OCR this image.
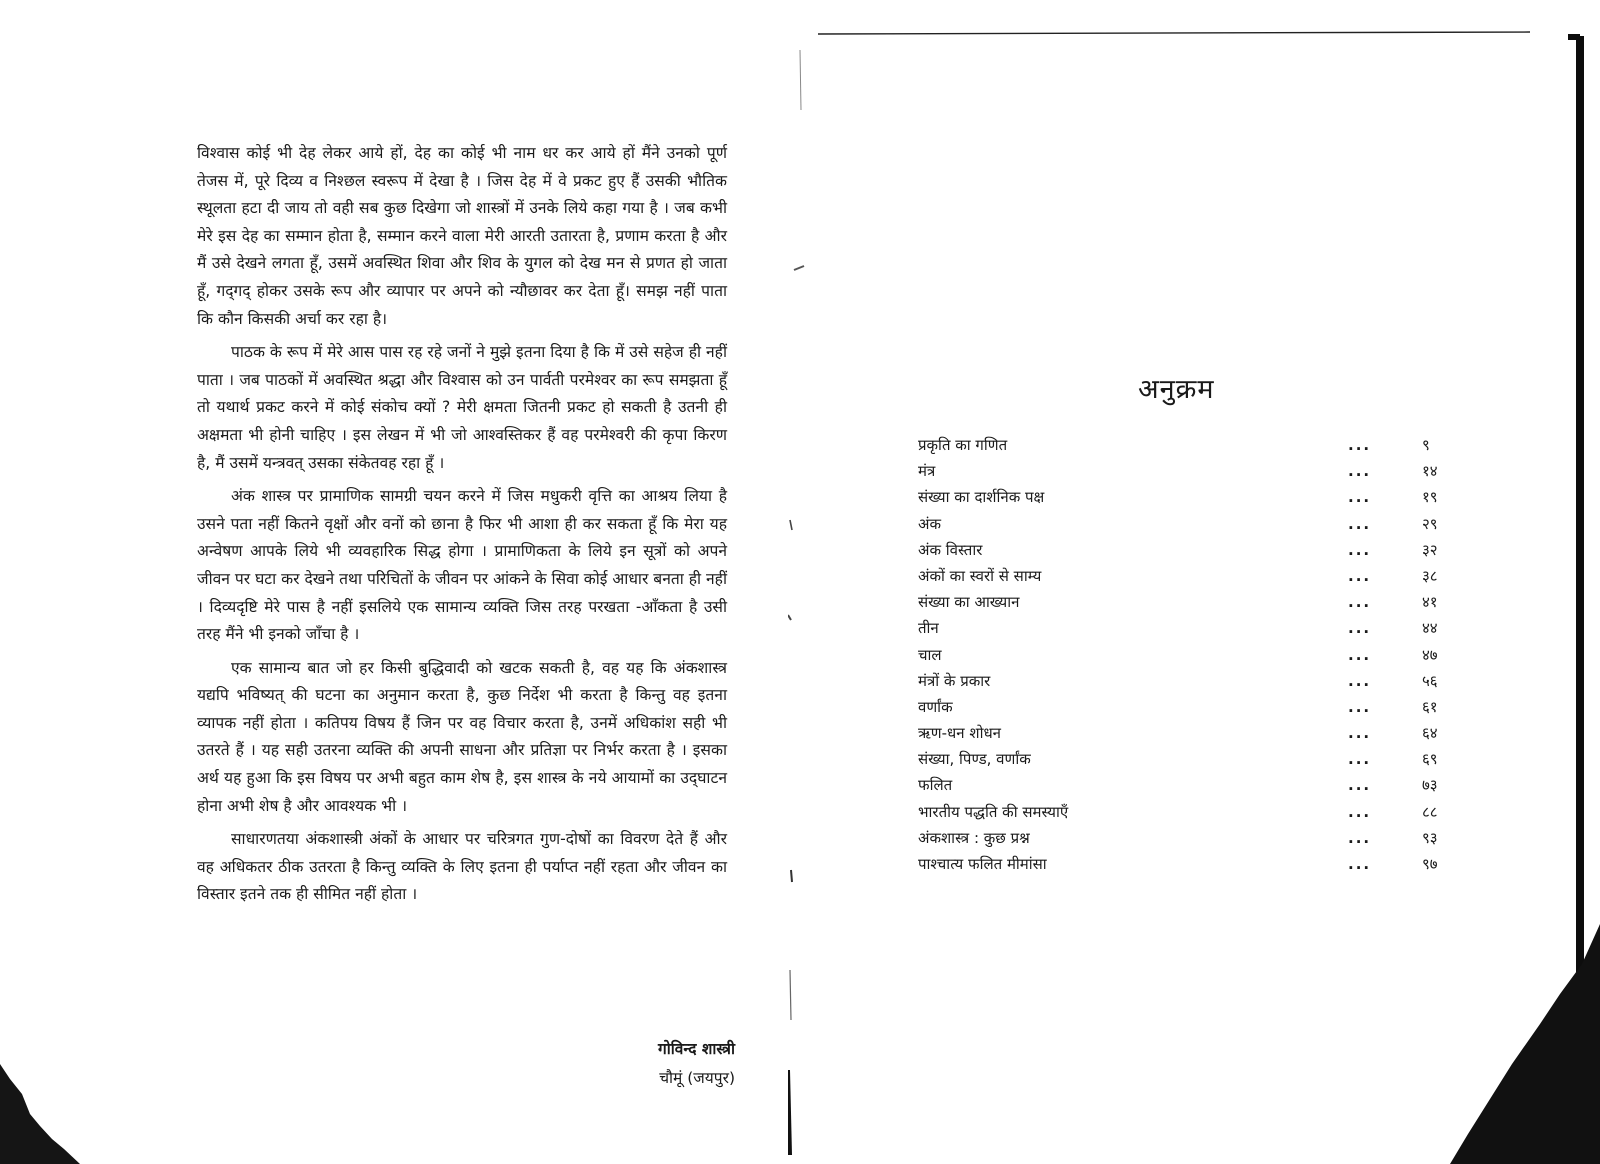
विश्वास कोई भी देह लेकर आये हों, देह का कोई भी नाम धर कर आये हों मैंने उनको पूर्ण तेजस में, पूरे दिव्य व निश्छल स्वरूप में देखा है । जिस देह में वे प्रकट हुए हैं उसकी भौतिक स्थूलता हटा दी जाय तो वही सब कुछ दिखेगा जो शास्त्रों में उनके लिये कहा गया है । जब कभी मेरे इस देह का सम्मान होता है, सम्मान करने वाला मेरी आरती उतारता है, प्रणाम करता है और मैं उसे देखने लगता हूँ, उसमें अवस्थित शिवा और शिव के युगल को देख मन से प्रणत हो जाता हूँ, गद्‌गद्‌ होकर उसके रूप और व्यापार पर अपने को न्यौछावर कर देता हूँ। समझ नहीं पाता कि कौन किसकी अर्चा कर रहा है।

पाठक के रूप में मेरे आस पास रह रहे जनों ने मुझे इतना दिया है कि में उसे सहेज ही नहीं पाता । जब पाठकों में अवस्थित श्रद्धा और विश्वास को उन पार्वती परमेश्वर का रूप समझता हूँ तो यथार्थ प्रकट करने में कोई संकोच क्यों ? मेरी क्षमता जितनी प्रकट हो सकती है उतनी ही अक्षमता भी होनी चाहिए । इस लेखन में भी जो आश्वस्तिकर हैं वह परमेश्वरी की कृपा किरण है, मैं उसमें यन्त्रवत् उसका संकेतवह रहा हूँ ।

अंक शास्त्र पर प्रामाणिक सामग्री चयन करने में जिस मधुकरी वृत्ति का आश्रय लिया है उसने पता नहीं कितने वृक्षों और वनों को छाना है फिर भी आशा ही कर सकता हूँ कि मेरा यह अन्वेषण आपके लिये भी व्यवहारिक सिद्ध होगा । प्रामाणिकता के लिये इन सूत्रों को अपने जीवन पर घटा कर देखने तथा परिचितों के जीवन पर आंकने के सिवा कोई आधार बनता ही नहीं । दिव्यदृष्टि मेरे पास है नहीं इसलिये एक सामान्य व्यक्ति जिस तरह परखता -आँकता है उसी तरह मैंने भी इनको जाँचा है ।

एक सामान्य बात जो हर किसी बुद्धिवादी को खटक सकती है, वह यह कि अंकशास्त्र यद्यपि भविष्यत् की घटना का अनुमान करता है, कुछ निर्देश भी करता है किन्तु वह इतना व्यापक नहीं होता । कतिपय विषय हैं जिन पर वह विचार करता है, उनमें अधिकांश सही भी उतरते हैं । यह सही उतरना व्यक्ति की अपनी साधना और प्रतिज्ञा पर निर्भर करता है । इसका अर्थ यह हुआ कि इस विषय पर अभी बहुत काम शेष है, इस शास्त्र के नये आयामों का उद्‌घाटन होना अभी शेष है और आवश्यक भी ।

साधारणतया अंकशास्त्री अंकों के आधार पर चरित्रगत गुण-दोषों का विवरण देते हैं और वह अधिकतर ठीक उतरता है किन्तु व्यक्ति के लिए इतना ही पर्याप्त नहीं रहता और जीवन का विस्तार इतने तक ही सीमित नहीं होता ।

गोविन्द शास्त्री
चौमूं (जयपुर)
अनुक्रम
प्रकृति का गणित	...	९
मंत्र	...	१४
संख्या का दार्शनिक पक्ष	...	१९
अंक	...	२९
अंक विस्तार	...	३२
अंकों का स्वरों से साम्य	...	३८
संख्या का आख्यान	...	४१
तीन	...	४४
चाल	...	४७
मंत्रों के प्रकार	...	५६
वर्णांक	...	६१
ऋण-धन शोधन	...	६४
संख्या, पिण्ड, वर्णांक	...	६९
फलित	...	७३
भारतीय पद्धति की समस्याएँ	...	८८
अंकशास्त्र : कुछ प्रश्न	...	९३
पाश्चात्य फलित मीमांसा	...	९७
